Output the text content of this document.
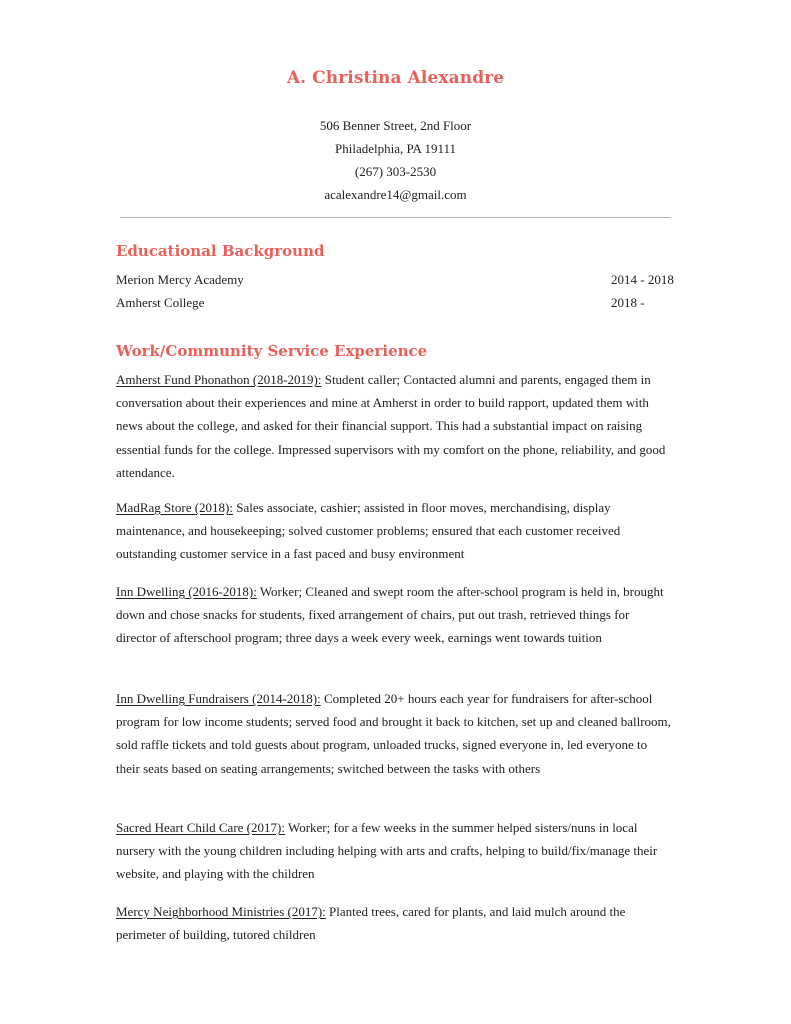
A. Christina Alexandre
506 Benner Street, 2nd Floor
Philadelphia, PA 19111
(267) 303-2530
acalexandre14@gmail.com
Educational Background
Merion Mercy Academy	2014 - 2018
Amherst College	2018 -
Work/Community Service Experience
Amherst Fund Phonathon (2018-2019): Student caller; Contacted alumni and parents, engaged them in conversation about their experiences and mine at Amherst in order to build rapport, updated them with news about the college, and asked for their financial support. This had a substantial impact on raising essential funds for the college. Impressed supervisors with my comfort on the phone, reliability, and good attendance.
MadRag Store (2018): Sales associate, cashier; assisted in floor moves, merchandising, display maintenance, and housekeeping; solved customer problems; ensured that each customer received outstanding customer service in a fast paced and busy environment
Inn Dwelling (2016-2018): Worker; Cleaned and swept room the after-school program is held in, brought down and chose snacks for students, fixed arrangement of chairs, put out trash, retrieved things for director of afterschool program; three days a week every week, earnings went towards tuition
Inn Dwelling Fundraisers (2014-2018): Completed 20+ hours each year for fundraisers for after-school program for low income students; served food and brought it back to kitchen, set up and cleaned ballroom, sold raffle tickets and told guests about program, unloaded trucks, signed everyone in, led everyone to their seats based on seating arrangements; switched between the tasks with others
Sacred Heart Child Care (2017): Worker; for a few weeks in the summer helped sisters/nuns in local nursery with the young children including helping with arts and crafts, helping to build/fix/manage their website, and playing with the children
Mercy Neighborhood Ministries (2017): Planted trees, cared for plants, and laid mulch around the perimeter of building, tutored children
